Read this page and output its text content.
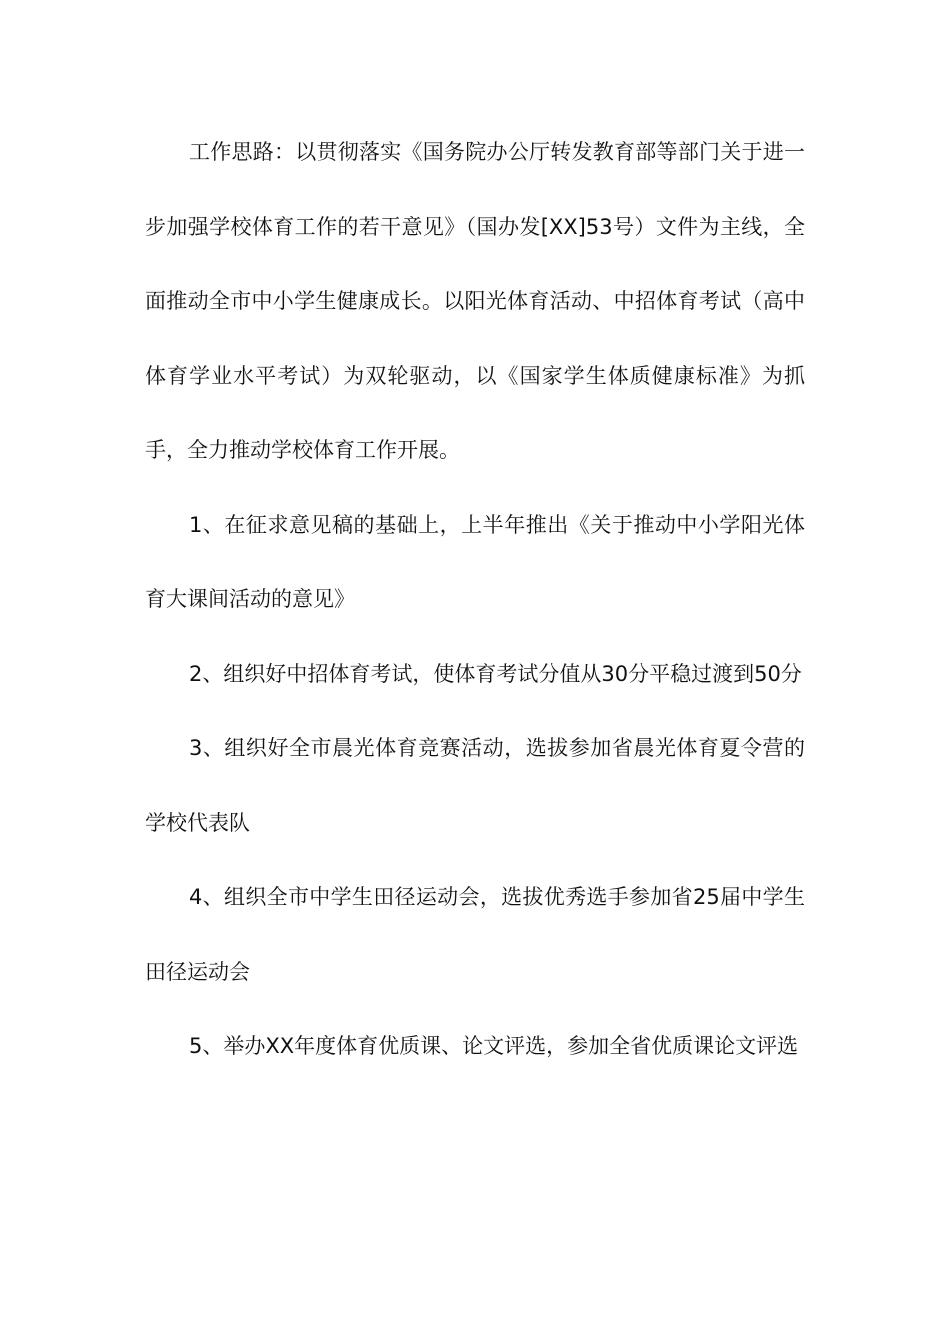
工作思路：以贯彻落实《国务院办公厅转发教育部等部门关于进一步加强学校体育工作的若干意见》（国办发[XX]53号）文件为主线，全面推动全市中小学生健康成长。以阳光体育活动、中招体育考试（高中体育学业水平考试）为双轮驱动，以《国家学生体质健康标准》为抓手，全力推动学校体育工作开展。

1、在征求意见稿的基础上，上半年推出《关于推动中小学阳光体育大课间活动的意见》

2、组织好中招体育考试，使体育考试分值从30分平稳过渡到50分

3、组织好全市晨光体育竞赛活动，选拔参加省晨光体育夏令营的学校代表队

4、组织全市中学生田径运动会，选拔优秀选手参加省25届中学生田径运动会

5、举办XX年度体育优质课、论文评选，参加全省优质课论文评选
